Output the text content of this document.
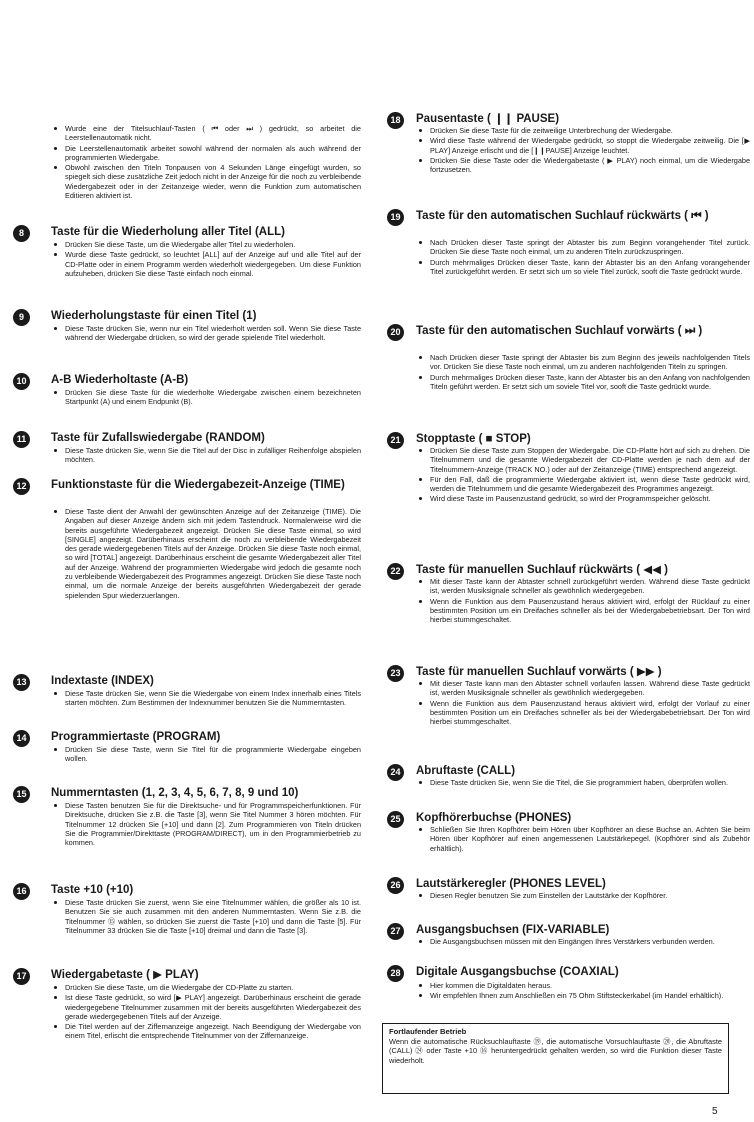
Wurde eine der Titelsuchlauf-Tasten ( ⏮ oder ⏭ ) gedrückt, so arbeitet die Leerstellenautomatik nicht.
Die Leerstellenautomatik arbeitet sowohl während der normalen als auch während der programmierten Wiedergabe.
Obwohl zwischen den Titeln Tonpausen von 4 Sekunden Länge eingefügt wurden, so spiegelt sich diese zusätzliche Zeit jedoch nicht in der Anzeige für die noch zu verbleibende Wiedergabezeit oder in der Zeitanzeige wieder, wenn die Funktion zum automatischen Editieren aktiviert ist.
8	Taste für die Wiederholung aller Titel (ALL)
Drücken Sie diese Taste, um die Wiedergabe aller Titel zu wiederholen.
Wurde diese Taste gedrückt, so leuchtet [ALL] auf der Anzeige auf und alle Titel auf der CD-Platte oder in einem Programm werden wiederholt wiedergegeben. Um diese Funktion aufzuheben, drücken Sie diese Taste einfach noch einmal.
9	Wiederholungstaste für einen Titel (1)
Diese Taste drücken Sie, wenn nur ein Titel wiederholt werden soll. Wenn Sie diese Taste während der Wiedergabe drücken, so wird der gerade spielende Titel wiederholt.
10	A-B Wiederholtaste (A-B)
Drücken Sie diese Taste für die wiederholte Wiedergabe zwischen einem bezeichneten Startpunkt (A) und einem Endpunkt (B).
11	Taste für Zufallswiedergabe (RANDOM)
Diese Taste drücken Sie, wenn Sie die Titel auf der Disc in zufälliger Reihenfolge abspielen möchten.
12	Funktionstaste für die Wiedergabezeit-Anzeige (TIME)
Diese Taste dient der Anwahl der gewünschten Anzeige auf der Zeitanzeige (TIME). Die Angaben auf dieser Anzeige ändern sich mit jedem Tastendruck. Normalerweise wird die bereits ausgeführte Wiedergabezeit angezeigt. Drücken Sie diese Taste einmal, so wird [SINGLE] angezeigt. Darüberhinaus erscheint die noch zu verbleibende Wiedergabezeit des gerade wiedergegebenen Titels auf der Anzeige. Drücken Sie diese Taste noch einmal, so wird [TOTAL] angezeigt. Darüberhinaus erscheint die gesamte Wiedergabezeit aller Titel auf der Anzeige. Während der programmierten Wiedergabe wird jedoch die gesamte noch zu verbleibende Wiedergabezeit des Programmes angezeigt. Drücken Sie diese Taste noch einmal, um die normale Anzeige der bereits ausgeführten Wiedergabezeit der gerade spielenden Spur wiederzuerlangen.
13	Indextaste (INDEX)
Diese Taste drücken Sie, wenn Sie die Wiedergabe von einem Index innerhalb eines Titels starten möchten. Zum Bestimmen der Indexnummer benutzen Sie die Nummerntasten.
14	Programmiertaste (PROGRAM)
Drücken Sie diese Taste, wenn Sie Titel für die programmierte Wiedergabe eingeben wollen.
15	Nummerntasten (1, 2, 3, 4, 5, 6, 7, 8, 9 und 10)
Diese Tasten benutzen Sie für die Direktsuche- und für Programmspeicherfunktionen. Für Direktsuche, drücken Sie z.B. die Taste [3], wenn Sie Titel Nummer 3 hören möchten. Für Titelnummer 12 drücken Sie [+10] und dann [2]. Zum Programmieren von Titeln drücken Sie die Programmier/Direkttaste (PROGRAM/DIRECT), um in den Programmierbetrieb zu kommen.
16	Taste +10 (+10)
Diese Taste drücken Sie zuerst, wenn Sie eine Titelnummer wählen, die größer als 10 ist. Benutzen Sie sie auch zusammen mit den anderen Nummerntasten. Wenn Sie z.B. die Titelnummer ⑮ wählen, so drücken Sie zuerst die Taste [+10] und dann die Taste [5]. Für Titelnummer 33 drücken Sie die Taste [+10] dreimal und dann die Taste [3].
17	Wiedergabetaste ( ▶ PLAY)
Drücken Sie diese Taste, um die Wiedergabe der CD-Platte zu starten.
Ist diese Taste gedrückt, so wird [▶ PLAY] angezeigt. Darüberhinaus erscheint die gerade wiedergegebene Titelnummer zusammen mit der bereits ausgeführten Wiedergabezeit des gerade wiedergegebenen Titels auf der Anzeige.
Die Titel werden auf der Ziffernanzeige angezeigt. Nach Beendigung der Wiedergabe von einem Titel, erlischt die entsprechende Titelnummer von der Ziffernanzeige.
18	Pausentaste ( ❙❙ PAUSE)
Drücken Sie diese Taste für die zeitweilige Unterbrechung der Wiedergabe.
Wird diese Taste während der Wiedergabe gedrückt, so stoppt die Wiedergabe zeitweilig. Die [▶ PLAY] Anzeige erlischt und die [❙❙PAUSE] Anzeige leuchtet.
Drücken Sie diese Taste oder die Wiedergabetaste ( ▶ PLAY) noch einmal, um die Wiedergabe fortzusetzen.
19	Taste für den automatischen Suchlauf rückwärts ( ⏮ )
Nach Drücken dieser Taste springt der Abtaster bis zum Beginn vorangehender Titel zurück. Drücken Sie diese Taste noch einmal, um zu anderen Titeln zurückzuspringen.
Durch mehrmaliges Drücken dieser Taste, kann der Abtaster bis an den Anfang vorangehender Titel zurückgeführt werden. Er setzt sich um so viele Titel zurück, sooft die Taste gedrückt wurde.
20	Taste für den automatischen Suchlauf vorwärts ( ⏭ )
Nach Drücken dieser Taste springt der Abtaster bis zum Beginn des jeweils nachfolgenden Titels vor. Drücken Sie diese Taste noch einmal, um zu anderen nachfolgenden Titeln zu springen.
Durch mehrmaliges Drücken dieser Taste, kann der Abtaster bis an den Anfang von nachfolgenden Titeln geführt werden. Er setzt sich um soviele Titel vor, sooft die Taste gedrückt wurde.
21	Stopptaste ( ■ STOP)
Drücken Sie diese Taste zum Stoppen der Wiedergabe. Die CD-Platte hört auf sich zu drehen. Die Titelnummern und die gesamte Wiedergabezeit der CD-Platte werden je nach dem auf der Titelnummern-Anzeige (TRACK NO.) oder auf der Zeitanzeige (TIME) entsprechend angezeigt.
Für den Fall, daß die programmierte Wiedergabe aktiviert ist, wenn diese Taste gedrückt wird, werden die Titelnummern und die gesamte Wiedergabezeit des Programmes angezeigt.
Wird diese Taste im Pausenzustand gedrückt, so wird der Programmspeicher gelöscht.
22	Taste für manuellen Suchlauf rückwärts ( ◀◀ )
Mit dieser Taste kann der Abtaster schnell zurückgeführt werden. Während diese Taste gedrückt ist, werden Musiksignale schneller als gewöhnlich wiedergegeben.
Wenn die Funktion aus dem Pausenzustand heraus aktiviert wird, erfolgt der Rücklauf zu einer bestimmten Position um ein Dreifaches schneller als bei der Wiedergabebetriebsart. Der Ton wird hierbei stummgeschaltet.
23	Taste für manuellen Suchlauf vorwärts ( ▶▶ )
Mit dieser Taste kann man den Abtaster schnell vorlaufen lassen. Während diese Taste gedrückt ist, werden Musiksignale schneller als gewöhnlich wiedergegeben.
Wenn die Funktion aus dem Pausenzustand heraus aktiviert wird, erfolgt der Vorlauf zu einer bestimmten Position um ein Dreifaches schneller als bei der Wiedergabebetriebsart. Der Ton wird hierbei stummgeschaltet.
24	Abruftaste (CALL)
Diese Taste drücken Sie, wenn Sie die Titel, die Sie programmiert haben, überprüfen wollen.
25	Kopfhörerbuchse (PHONES)
Schließen Sie Ihren Kopfhörer beim Hören über Kopfhörer an diese Buchse an. Achten Sie beim Hören über Kopfhörer auf einen angemessenen Lautstärkepegel. (Kopfhörer sind als Zubehör erhältlich).
26	Lautstärkeregler (PHONES LEVEL)
Diesen Regler benutzen Sie zum Einstellen der Lautstärke der Kopfhörer.
27	Ausgangsbuchsen (FIX-VARIABLE)
Die Ausgangsbuchsen müssen mit den Eingängen Ihres Verstärkers verbunden werden.
28	Digitale Ausgangsbuchse (COAXIAL)
Hier kommen die Digitaldaten heraus.
Wir empfehlen Ihnen zum Anschließen ein 75 Ohm Stiftsteckerkabel (im Handel erhältlich).
Fortlaufender Betrieb
Wenn die automatische Rücksuchlauftaste ⑲, die automatische Vorsuchlauftaste ⑳, die Abruftaste (CALL) ㉔ oder Taste +10 ⑯ heruntergedrückt gehalten werden, so wird die Funktion dieser Taste wiederholt.
5
